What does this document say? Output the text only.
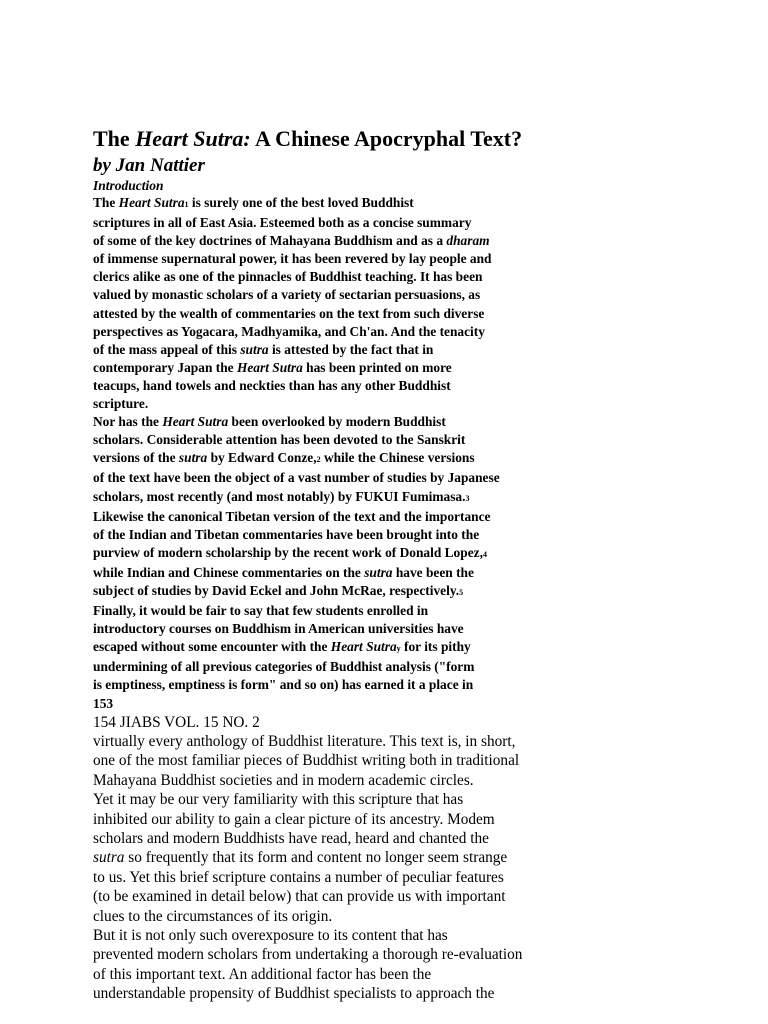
The Heart Sutra: A Chinese Apocryphal Text?
by Jan Nattier
Introduction
The Heart Sutra1 is surely one of the best loved Buddhist
scriptures in all of East Asia. Esteemed both as a concise summary
of some of the key doctrines of Mahayana Buddhism and as a dharam
of immense supernatural power, it has been revered by lay people and
clerics alike as one of the pinnacles of Buddhist teaching. It has been
valued by monastic scholars of a variety of sectarian persuasions, as
attested by the wealth of commentaries on the text from such diverse
perspectives as Yogacara, Madhyamika, and Ch'an. And the tenacity
of the mass appeal of this sutra is attested by the fact that in
contemporary Japan the Heart Sutra has been printed on more
teacups, hand towels and neckties than has any other Buddhist
scripture.
Nor has the Heart Sutra been overlooked by modern Buddhist
scholars. Considerable attention has been devoted to the Sanskrit
versions of the sutra by Edward Conze,2 while the Chinese versions
of the text have been the object of a vast number of studies by Japanese
scholars, most recently (and most notably) by FUKUI Fumimasa.3
Likewise the canonical Tibetan version of the text and the importance
of the Indian and Tibetan commentaries have been brought into the
purview of modern scholarship by the recent work of Donald Lopez,4
while Indian and Chinese commentaries on the sutra have been the
subject of studies by David Eckel and John McRae, respectively.5
Finally, it would be fair to say that few students enrolled in
introductory courses on Buddhism in American universities have
escaped without some encounter with the Heart Sutray for its pithy
undermining of all previous categories of Buddhist analysis ("form
is emptiness, emptiness is form" and so on) has earned it a place in
153
154 JIABS VOL. 15 NO. 2
virtually every anthology of Buddhist literature. This text is, in short,
one of the most familiar pieces of Buddhist writing both in traditional
Mahayana Buddhist societies and in modern academic circles.
Yet it may be our very familiarity with this scripture that has
inhibited our ability to gain a clear picture of its ancestry. Modem
scholars and modern Buddhists have read, heard and chanted the
sutra so frequently that its form and content no longer seem strange
to us. Yet this brief scripture contains a number of peculiar features
(to be examined in detail below) that can provide us with important
clues to the circumstances of its origin.
But it is not only such overexposure to its content that has
prevented modern scholars from undertaking a thorough re-evaluation
of this important text. An additional factor has been the
understandable propensity of Buddhist specialists to approach the
